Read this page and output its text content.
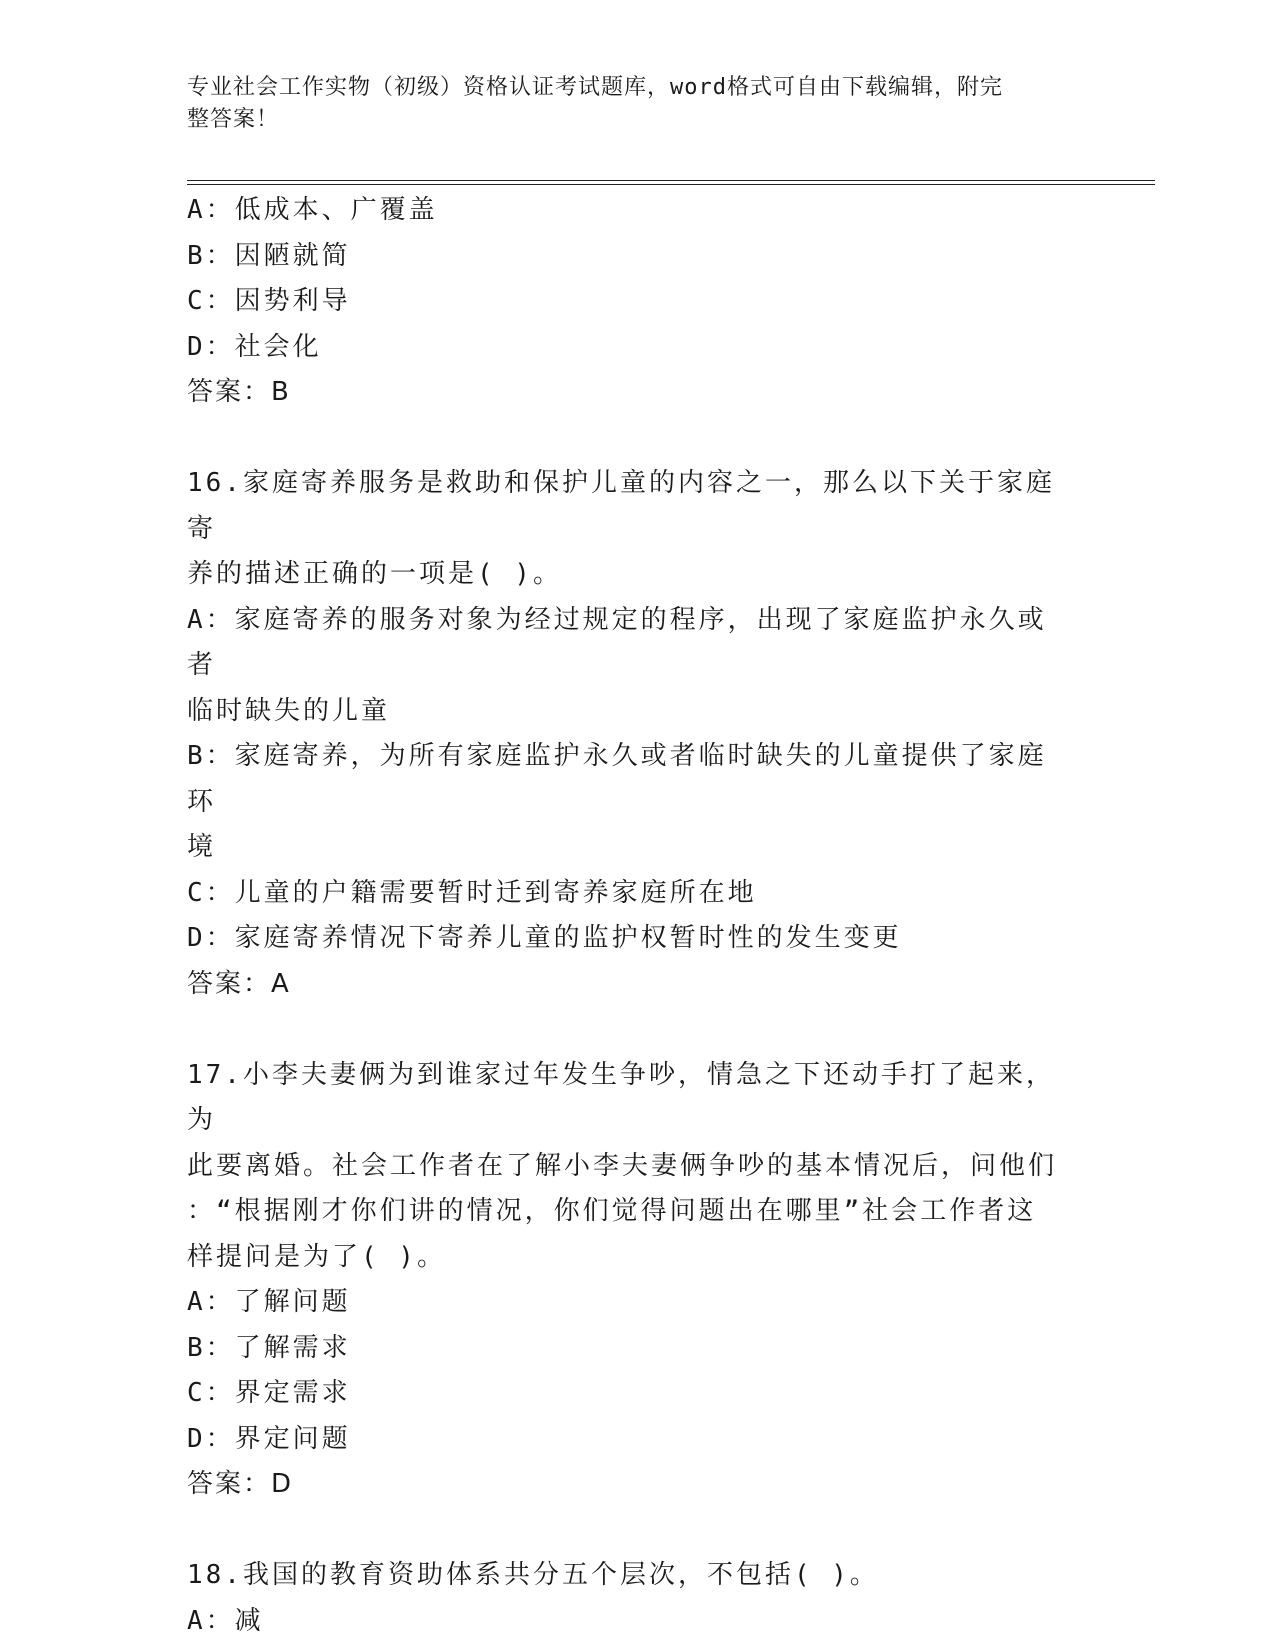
专业社会工作实物（初级）资格认证考试题库，word格式可自由下载编辑，附完
整答案！
A：低成本、广覆盖
B：因陋就简
C：因势利导
D：社会化
答案：B
16.家庭寄养服务是救助和保护儿童的内容之一，那么以下关于家庭寄
养的描述正确的一项是( )。
A：家庭寄养的服务对象为经过规定的程序，出现了家庭监护永久或者
临时缺失的儿童
B：家庭寄养，为所有家庭监护永久或者临时缺失的儿童提供了家庭环
境
C：儿童的户籍需要暂时迁到寄养家庭所在地
D：家庭寄养情况下寄养儿童的监护权暂时性的发生变更
答案：A
17.小李夫妻俩为到谁家过年发生争吵，情急之下还动手打了起来，为
此要离婚。社会工作者在了解小李夫妻俩争吵的基本情况后，问他们
：“根据刚才你们讲的情况，你们觉得问题出在哪里”社会工作者这
样提问是为了( )。
A：了解问题
B：了解需求
C：界定需求
D：界定问题
答案：D
18.我国的教育资助体系共分五个层次，不包括( )。
A：减
